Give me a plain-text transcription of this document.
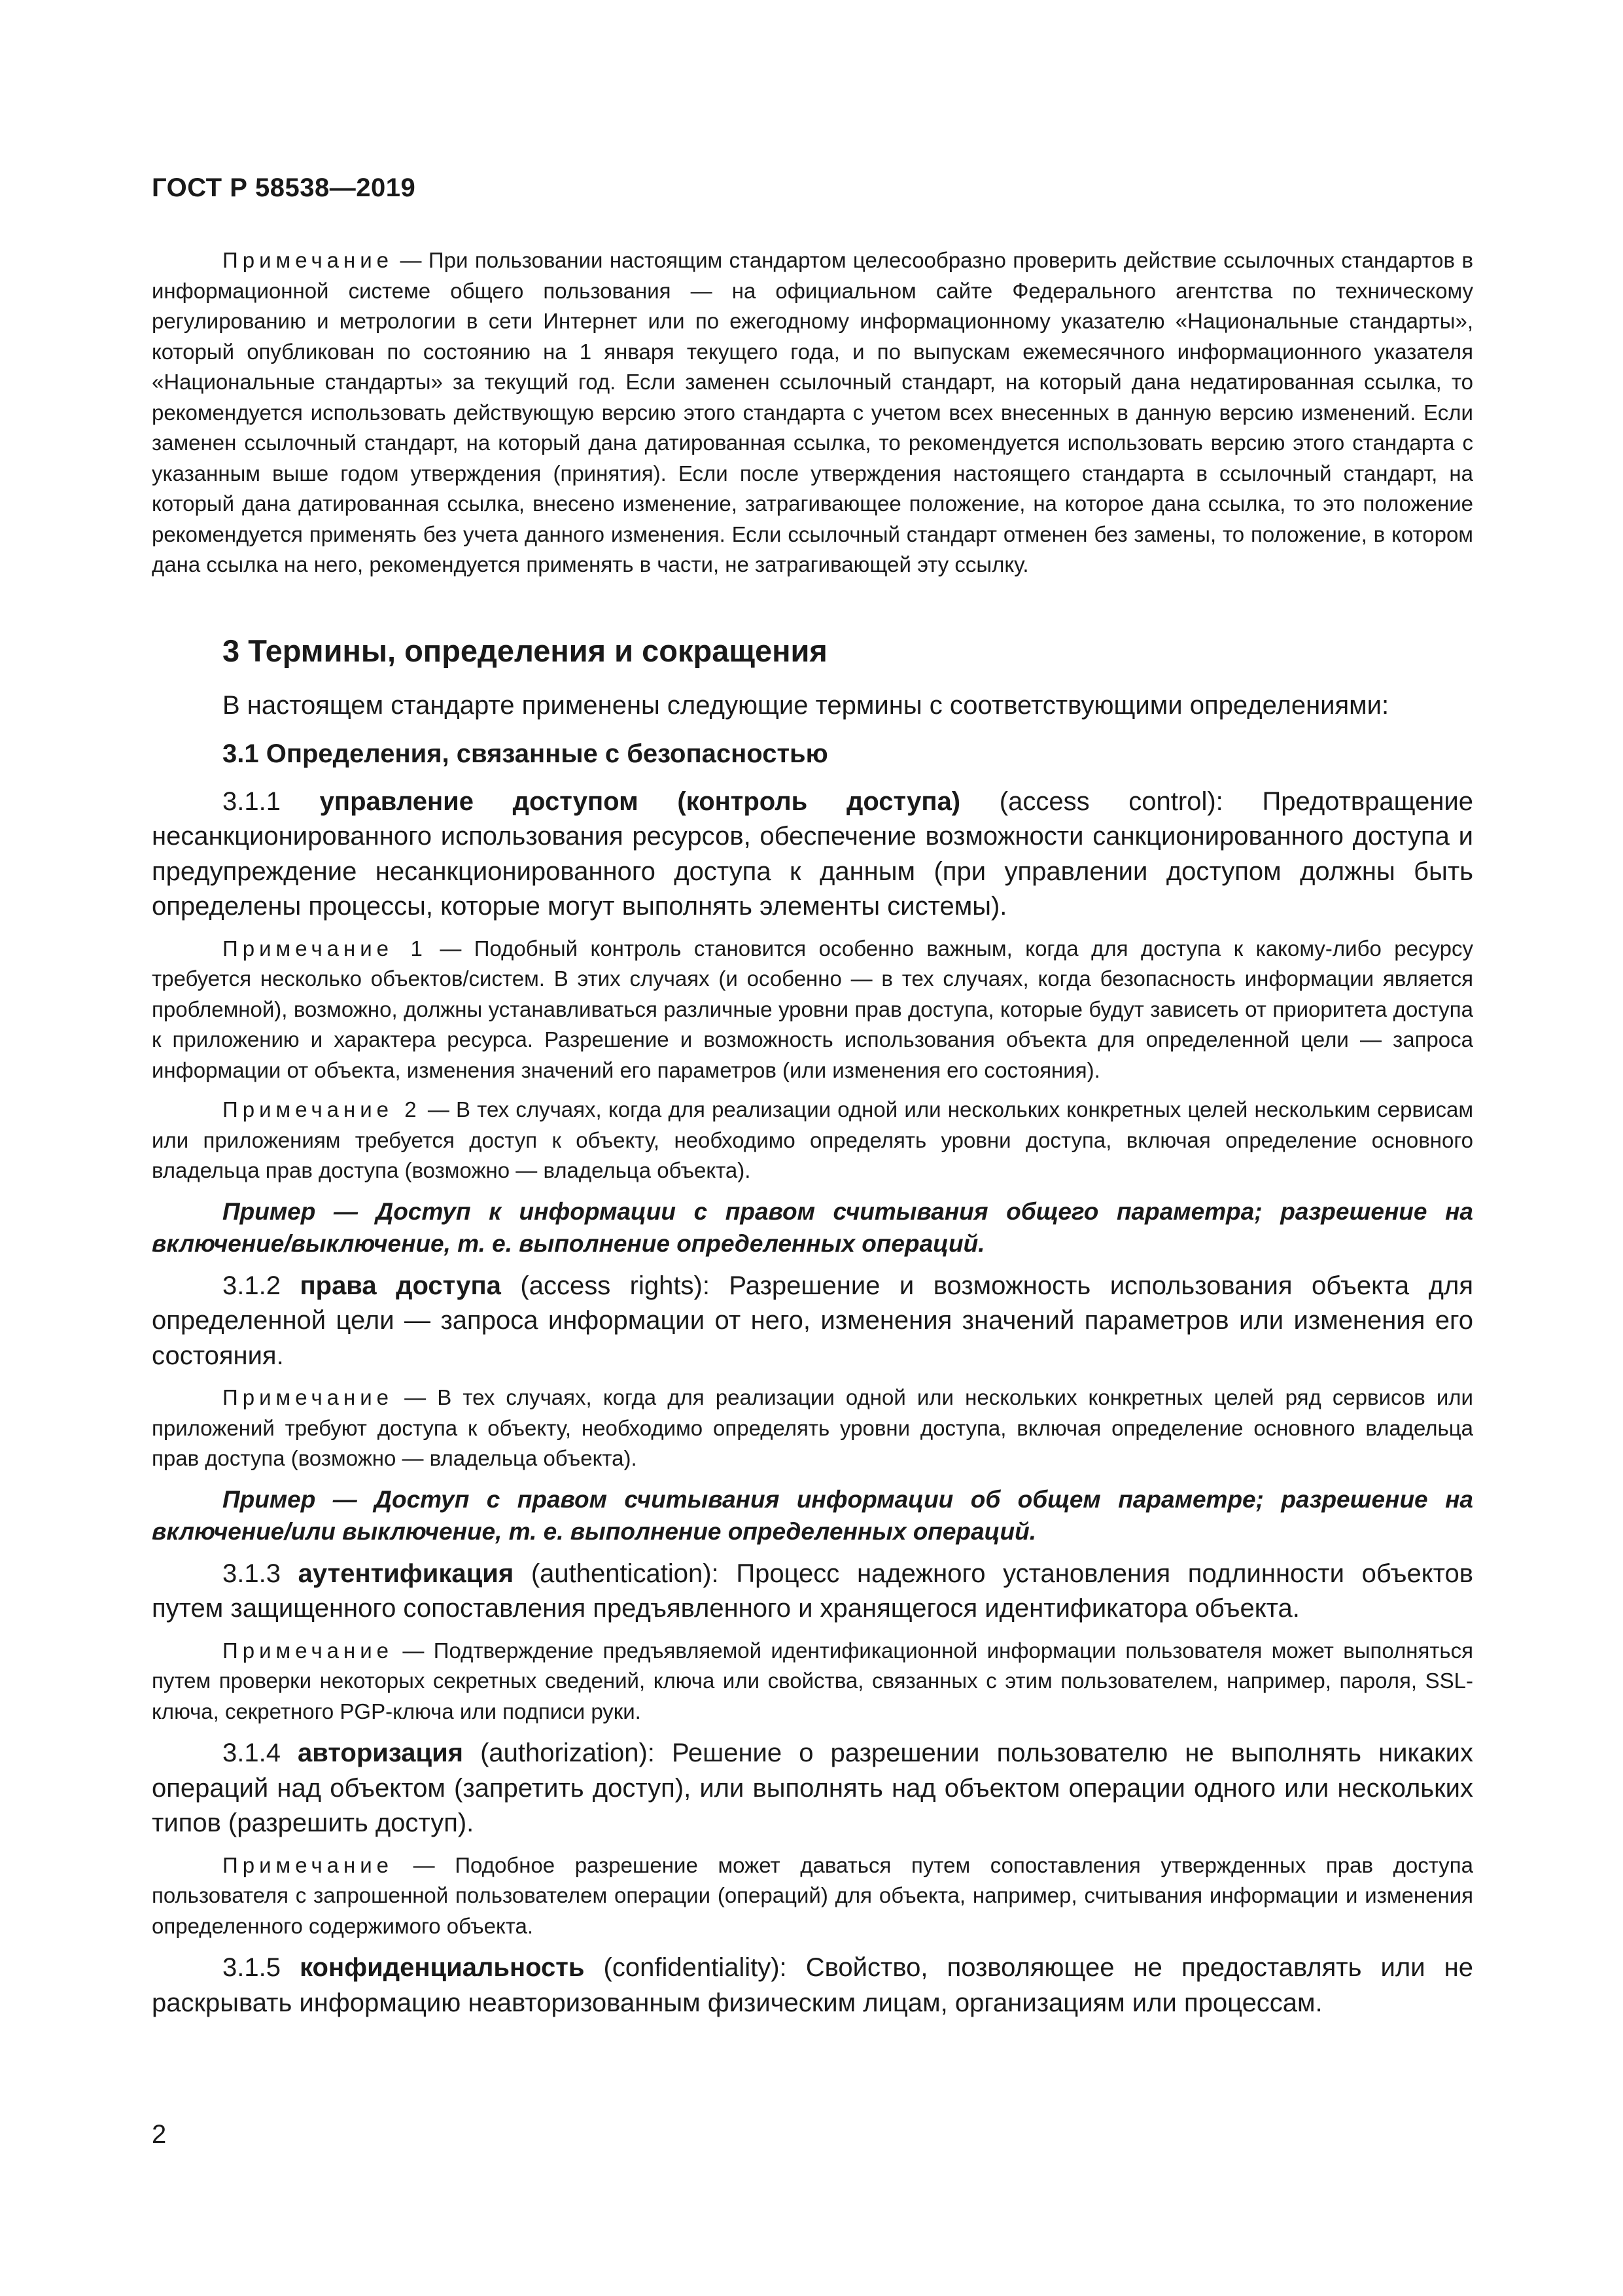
ГОСТ Р 58538—2019

Примечание — При пользовании настоящим стандартом целесообразно проверить действие ссылочных стандартов в информационной системе общего пользования — на официальном сайте Федерального агентства по техническому регулированию и метрологии в сети Интернет или по ежегодному информационному указателю «Национальные стандарты», который опубликован по состоянию на 1 января текущего года, и по выпускам ежемесячного информационного указателя «Национальные стандарты» за текущий год. Если заменен ссылочный стандарт, на который дана недатированная ссылка, то рекомендуется использовать действующую версию этого стандарта с учетом всех внесенных в данную версию изменений. Если заменен ссылочный стандарт, на который дана датированная ссылка, то рекомендуется использовать версию этого стандарта с указанным выше годом утверждения (принятия). Если после утверждения настоящего стандарта в ссылочный стандарт, на который дана датированная ссылка, внесено изменение, затрагивающее положение, на которое дана ссылка, то это положение рекомендуется применять без учета данного изменения. Если ссылочный стандарт отменен без замены, то положение, в котором дана ссылка на него, рекомендуется применять в части, не затрагивающей эту ссылку.

3 Термины, определения и сокращения

В настоящем стандарте применены следующие термины с соответствующими определениями:

3.1 Определения, связанные с безопасностью

3.1.1 управление доступом (контроль доступа) (access control): Предотвращение несанкционированного использования ресурсов, обеспечение возможности санкционированного доступа и предупреждение несанкционированного доступа к данным (при управлении доступом должны быть определены процессы, которые могут выполнять элементы системы).

Примечание 1 — Подобный контроль становится особенно важным, когда для доступа к какому-либо ресурсу требуется несколько объектов/систем. В этих случаях (и особенно — в тех случаях, когда безопасность информации является проблемной), возможно, должны устанавливаться различные уровни прав доступа, которые будут зависеть от приоритета доступа к приложению и характера ресурса. Разрешение и возможность использования объекта для определенной цели — запроса информации от объекта, изменения значений его параметров (или изменения его состояния).

Примечание 2 — В тех случаях, когда для реализации одной или нескольких конкретных целей нескольким сервисам или приложениям требуется доступ к объекту, необходимо определять уровни доступа, включая определение основного владельца прав доступа (возможно — владельца объекта).

Пример — Доступ к информации с правом считывания общего параметра; разрешение на включение/выключение, т. е. выполнение определенных операций.

3.1.2 права доступа (access rights): Разрешение и возможность использования объекта для определенной цели — запроса информации от него, изменения значений параметров или изменения его состояния.

Примечание — В тех случаях, когда для реализации одной или нескольких конкретных целей ряд сервисов или приложений требуют доступа к объекту, необходимо определять уровни доступа, включая определение основного владельца прав доступа (возможно — владельца объекта).

Пример — Доступ с правом считывания информации об общем параметре; разрешение на включение/или выключение, т. е. выполнение определенных операций.

3.1.3 аутентификация (authentication): Процесс надежного установления подлинности объектов путем защищенного сопоставления предъявленного и хранящегося идентификатора объекта.

Примечание — Подтверждение предъявляемой идентификационной информации пользователя может выполняться путем проверки некоторых секретных сведений, ключа или свойства, связанных с этим пользователем, например, пароля, SSL-ключа, секретного PGP-ключа или подписи руки.

3.1.4 авторизация (authorization): Решение о разрешении пользователю не выполнять никаких операций над объектом (запретить доступ), или выполнять над объектом операции одного или нескольких типов (разрешить доступ).

Примечание — Подобное разрешение может даваться путем сопоставления утвержденных прав доступа пользователя с запрошенной пользователем операции (операций) для объекта, например, считывания информации и изменения определенного содержимого объекта.

3.1.5 конфиденциальность (confidentiality): Свойство, позволяющее не предоставлять или не раскрывать информацию неавторизованным физическим лицам, организациям или процессам.

2
